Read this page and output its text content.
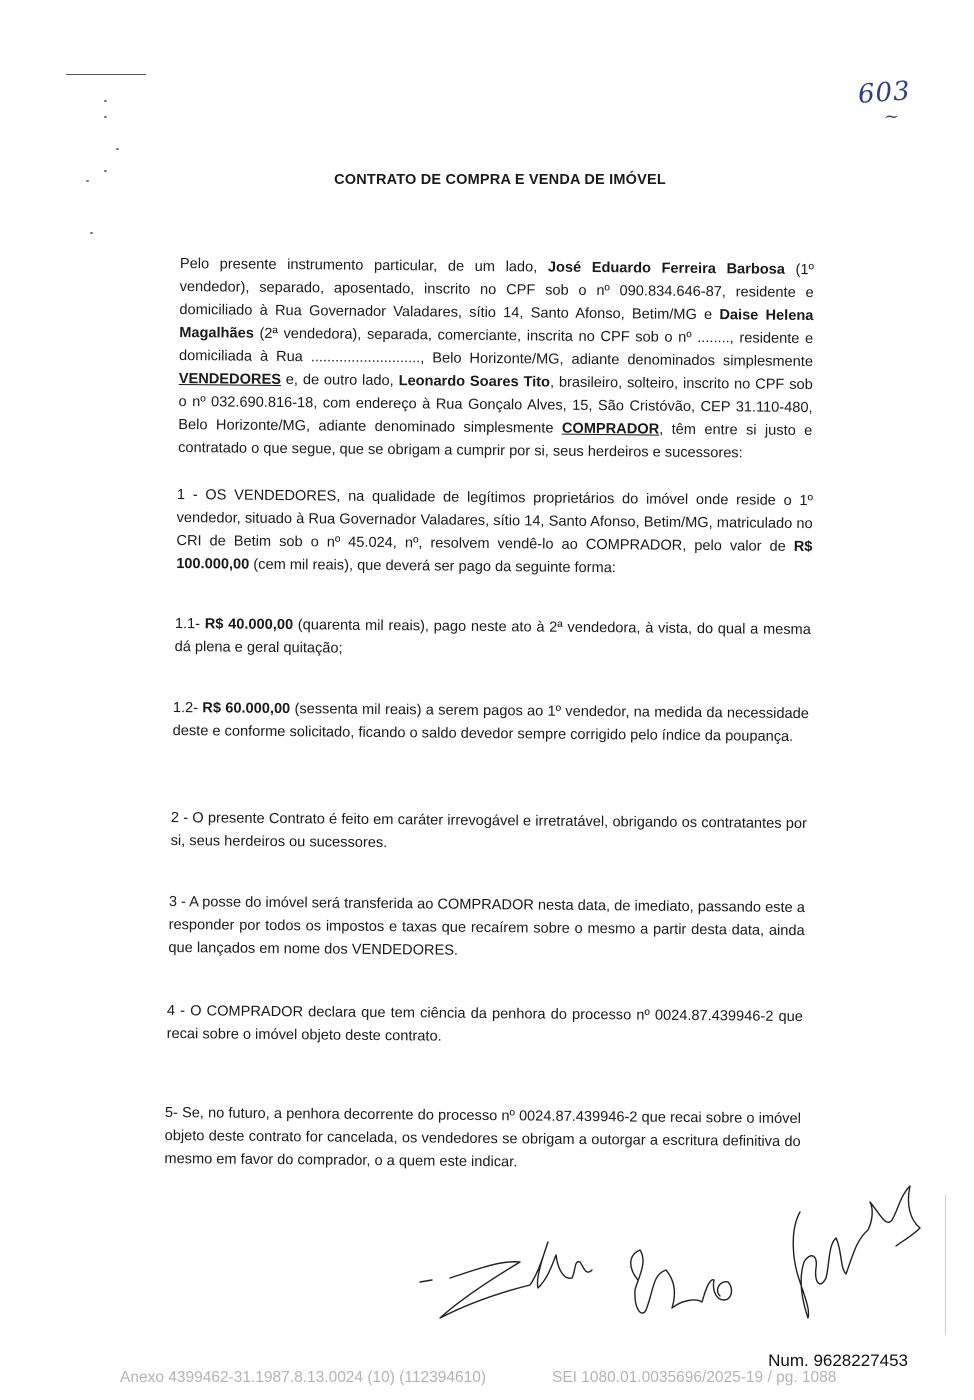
603
~
CONTRATO DE COMPRA E VENDA DE IMÓVEL

Pelo presente instrumento particular, de um lado, José Eduardo Ferreira Barbosa (1º vendedor), separado, aposentado, inscrito no CPF sob o nº 090.834.646-87, residente e domiciliado à Rua Governador Valadares, sítio 14, Santo Afonso, Betim/MG e Daise Helena Magalhães (2ª vendedora), separada, comerciante, inscrita no CPF sob o nº ........, residente e domiciliada à Rua ..........................., Belo Horizonte/MG, adiante denominados simplesmente VENDEDORES e, de outro lado, Leonardo Soares Tito, brasileiro, solteiro, inscrito no CPF sob o nº 032.690.816-18, com endereço à Rua Gonçalo Alves, 15, São Cristóvão, CEP 31.110-480, Belo Horizonte/MG, adiante denominado simplesmente COMPRADOR, têm entre si justo e contratado o que segue, que se obrigam a cumprir por si, seus herdeiros e sucessores:

1 - OS VENDEDORES, na qualidade de legítimos proprietários do imóvel onde reside o 1º vendedor, situado à Rua Governador Valadares, sítio 14, Santo Afonso, Betim/MG, matriculado no CRI de Betim sob o nº 45.024, nº, resolvem vendê-lo ao COMPRADOR, pelo valor de R$ 100.000,00 (cem mil reais), que deverá ser pago da seguinte forma:

1.1- R$ 40.000,00 (quarenta mil reais), pago neste ato à 2ª vendedora, à vista, do qual a mesma dá plena e geral quitação;

1.2- R$ 60.000,00 (sessenta mil reais) a serem pagos ao 1º vendedor, na medida da necessidade deste e conforme solicitado, ficando o saldo devedor sempre corrigido pelo índice da poupança.

2 - O presente Contrato é feito em caráter irrevogável e irretratável, obrigando os contratantes por si, seus herdeiros ou sucessores.

3 - A posse do imóvel será transferida ao COMPRADOR nesta data, de imediato, passando este a responder por todos os impostos e taxas que recaírem sobre o mesmo a partir desta data, ainda que lançados em nome dos VENDEDORES.

4 - O COMPRADOR declara que tem ciência da penhora do processo nº 0024.87.439946-2 que recai sobre o imóvel objeto deste contrato.

5- Se, no futuro, a penhora decorrente do processo nº 0024.87.439946-2 que recai sobre o imóvel objeto deste contrato for cancelada, os vendedores se obrigam a outorgar a escritura definitiva do mesmo em favor do comprador, o a quem este indicar.

Num. 9628227453
Anexo 4399462-31.1987.8.13.0024 (10) (112394610)	SEI 1080.01.0035696/2025-19 / pg. 1088
